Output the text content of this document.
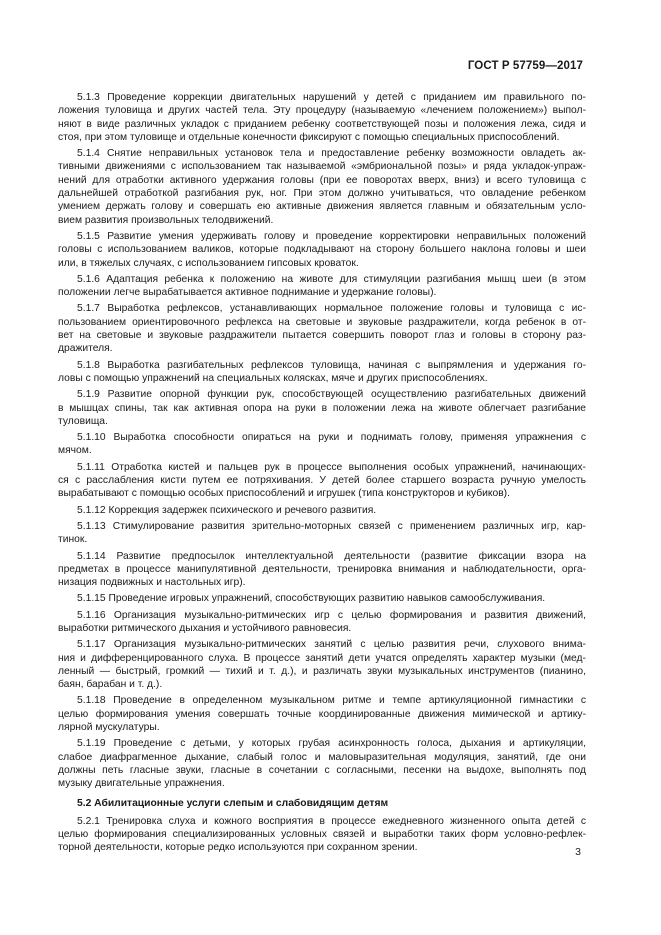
ГОСТ Р 57759—2017
5.1.3 Проведение коррекции двигательных нарушений у детей с приданием им правильного по-
ложения туловища и других частей тела. Эту процедуру (называемую «лечением положением») выпол-
няют в виде различных укладок с приданием ребенку соответствующей позы и положения лежа, сидя и
стоя, при этом туловище и отдельные конечности фиксируют с помощью специальных приспособлений.
5.1.4 Снятие неправильных установок тела и предоставление ребенку возможности овладеть ак-
тивными движениями с использованием так называемой «эмбриональной позы» и ряда укладок-упраж-
нений для отработки активного удержания головы (при ее поворотах вверх, вниз) и всего туловища с
дальнейшей отработкой разгибания рук, ног. При этом должно учитываться, что овладение ребенком
умением держать голову и совершать ею активные движения является главным и обязательным усло-
вием развития произвольных телодвижений.
5.1.5 Развитие умения удерживать голову и проведение корректировки неправильных положений
головы с использованием валиков, которые подкладывают на сторону большего наклона головы и шеи
или, в тяжелых случаях, с использованием гипсовых кроваток.
5.1.6 Адаптация ребенка к положению на животе для стимуляции разгибания мышц шеи (в этом
положении легче вырабатывается активное поднимание и удержание головы).
5.1.7 Выработка рефлексов, устанавливающих нормальное положение головы и туловища с ис-
пользованием ориентировочного рефлекса на световые и звуковые раздражители, когда ребенок в от-
вет на световые и звуковые раздражители пытается совершить поворот глаз и головы в сторону раз-
дражителя.
5.1.8 Выработка разгибательных рефлексов туловища, начиная с выпрямления и удержания го-
ловы с помощью упражнений на специальных колясках, мяче и других приспособлениях.
5.1.9 Развитие опорной функции рук, способствующей осуществлению разгибательных движений
в мышцах спины, так как активная опора на руки в положении лежа на животе облегчает разгибание
туловища.
5.1.10 Выработка способности опираться на руки и поднимать голову, применяя упражнения с
мячом.
5.1.11 Отработка кистей и пальцев рук в процессе выполнения особых упражнений, начинающих-
ся с расслабления кисти путем ее потряхивания. У детей более старшего возраста ручную умелость
вырабатывают с помощью особых приспособлений и игрушек (типа конструкторов и кубиков).
5.1.12 Коррекция задержек психического и речевого развития.
5.1.13 Стимулирование развития зрительно-моторных связей с применением различных игр, кар-
тинок.
5.1.14 Развитие предпосылок интеллектуальной деятельности (развитие фиксации взора на
предметах в процессе манипулятивной деятельности, тренировка внимания и наблюдательности, орга-
низация подвижных и настольных игр).
5.1.15 Проведение игровых упражнений, способствующих развитию навыков самообслуживания.
5.1.16 Организация музыкально-ритмических игр с целью формирования и развития движений,
выработки ритмического дыхания и устойчивого равновесия.
5.1.17 Организация музыкально-ритмических занятий с целью развития речи, слухового внима-
ния и дифференцированного слуха. В процессе занятий дети учатся определять характер музыки (мед-
ленный — быстрый, громкий — тихий и т. д.), и различать звуки музыкальных инструментов (пианино,
баян, барабан и т. д.).
5.1.18 Проведение в определенном музыкальном ритме и темпе артикуляционной гимнастики с
целью формирования умения совершать точные координированные движения мимической и артику-
лярной мускулатуры.
5.1.19 Проведение с детьми, у которых грубая асинхронность голоса, дыхания и артикуляции,
слабое диафрагменное дыхание, слабый голос и маловыразительная модуляция, занятий, где они
должны петь гласные звуки, гласные в сочетании с согласными, песенки на выдохе, выполнять под
музыку двигательные упражнения.
5.2 Абилитационные услуги слепым и слабовидящим детям
5.2.1 Тренировка слуха и кожного восприятия в процессе ежедневного жизненного опыта детей с
целью формирования специализированных условных связей и выработки таких форм условно-рефлек-
торной деятельности, которые редко используются при сохранном зрении.	3
